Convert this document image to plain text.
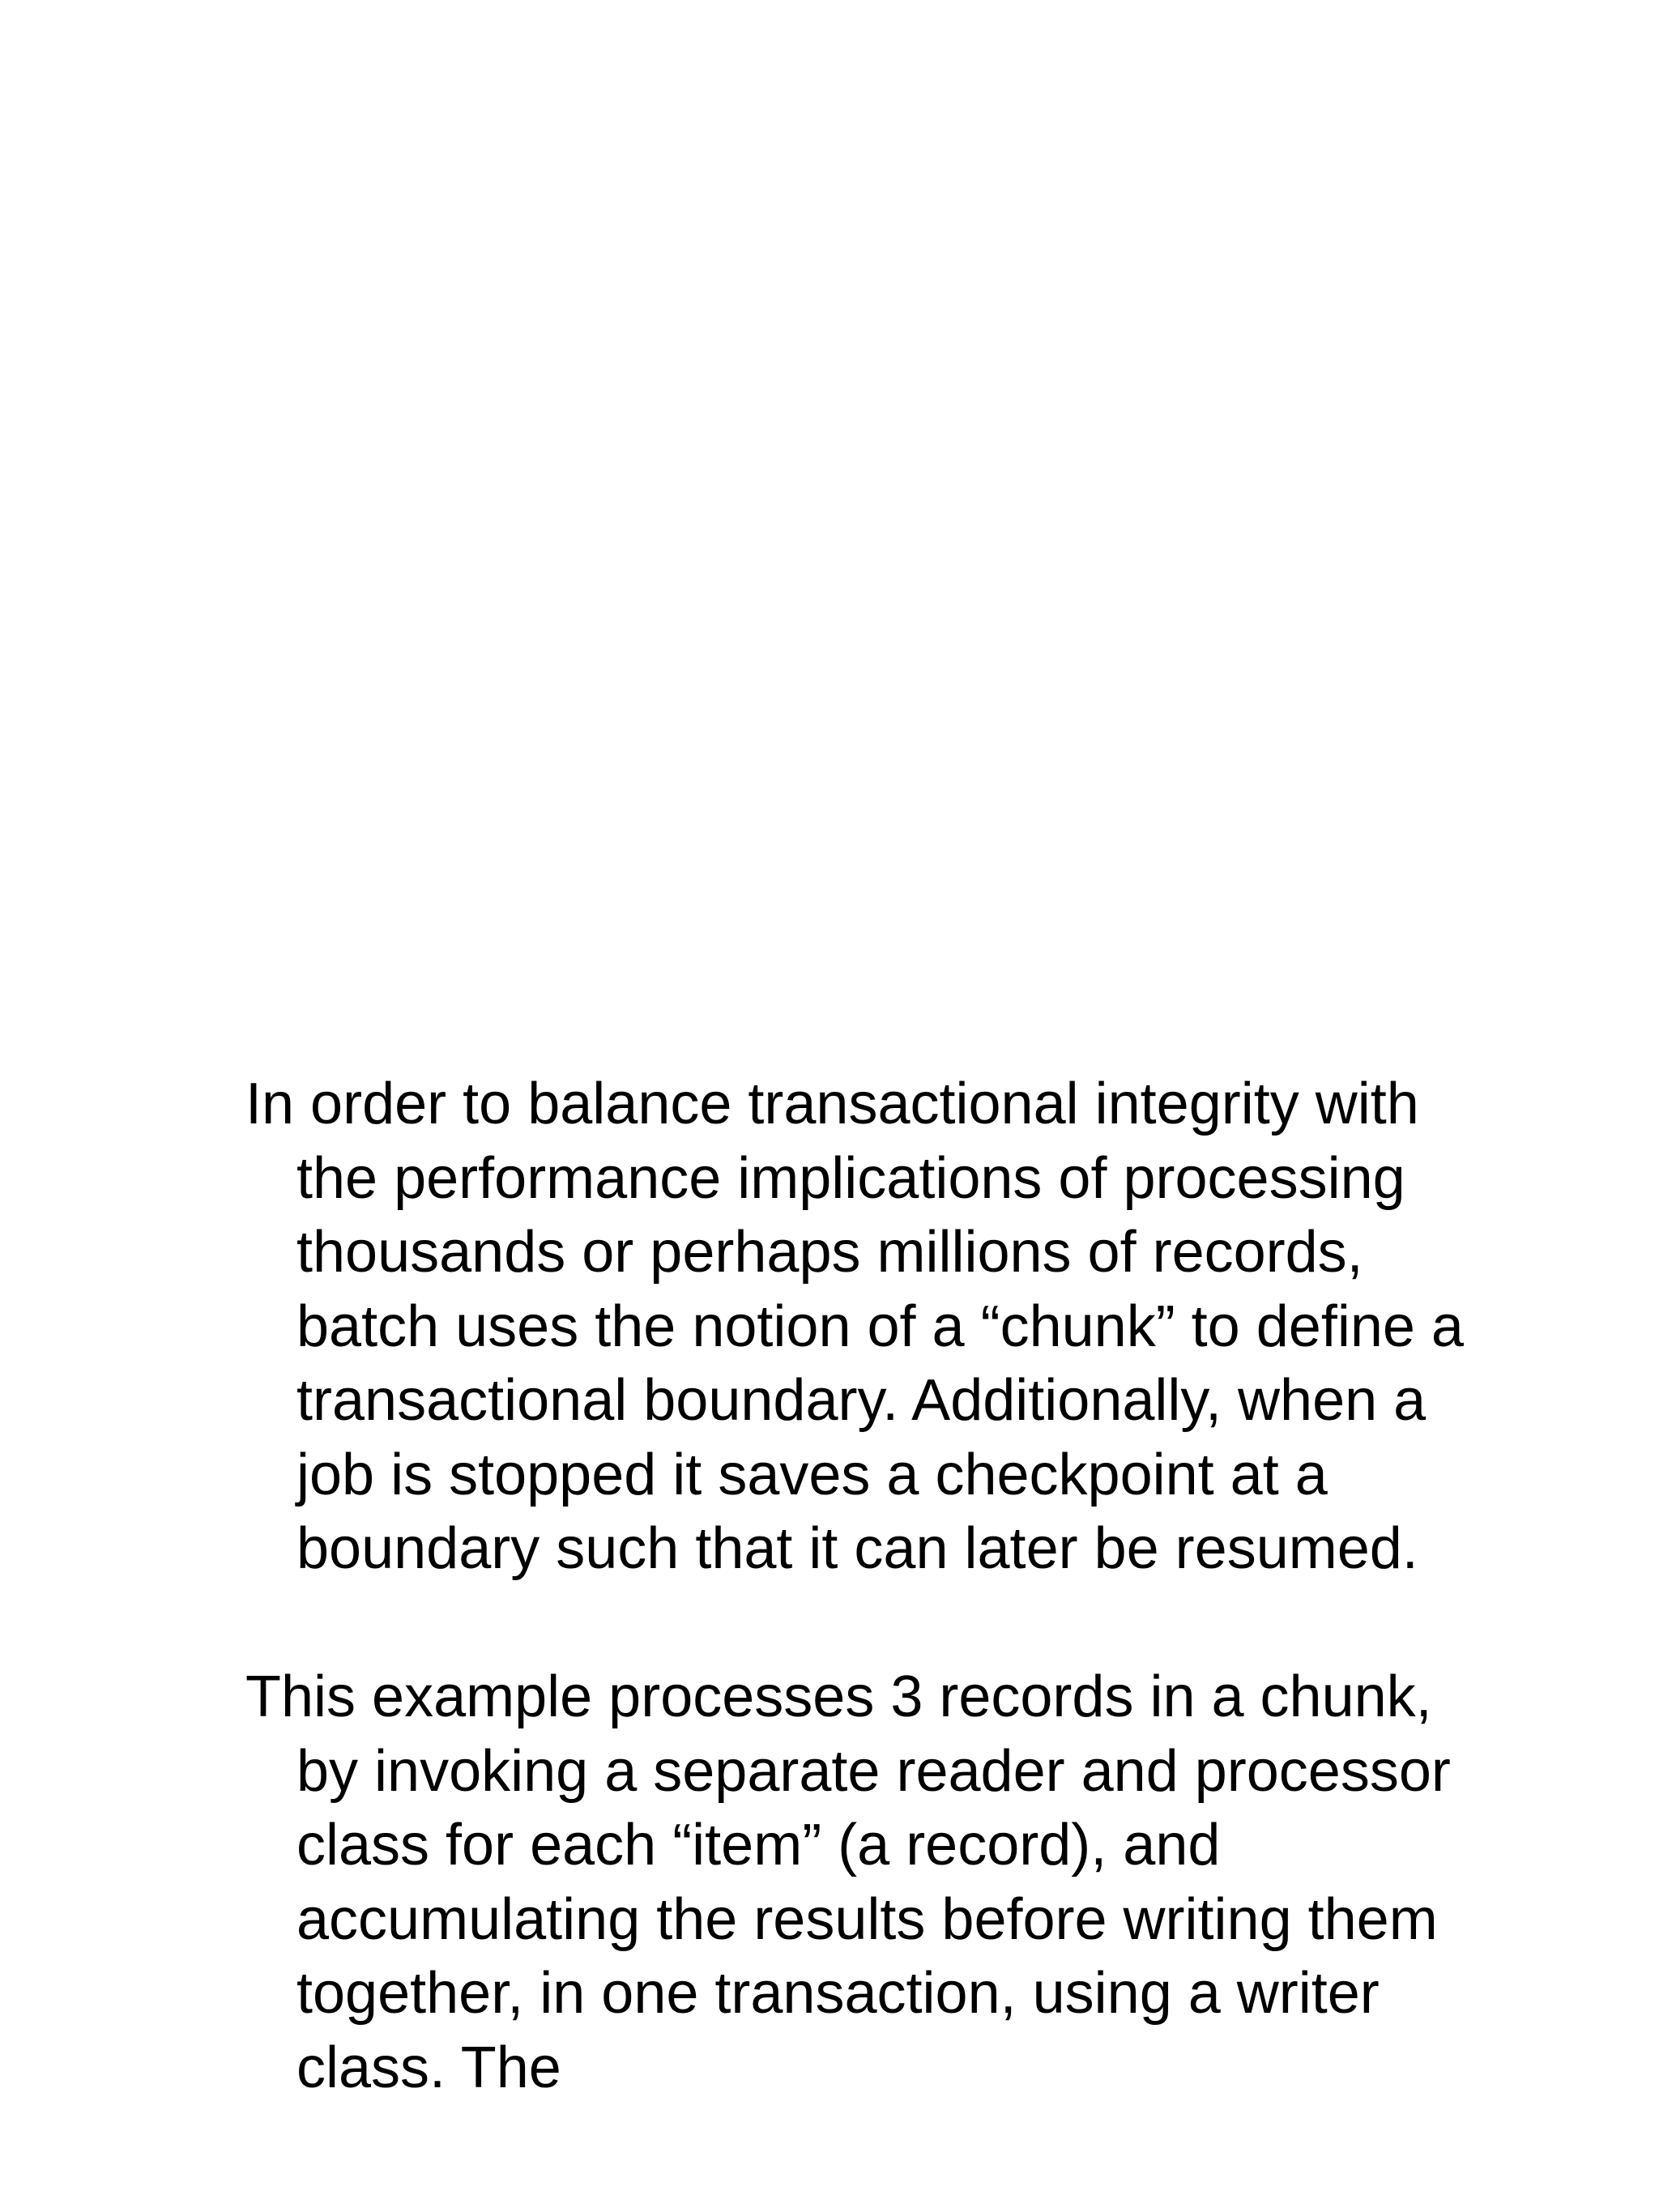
In order to balance transactional integrity with the performance implications of processing thousands or perhaps millions of records, batch uses the notion of a “chunk” to define a transactional boundary. Additionally, when a job is stopped it saves a checkpoint at a boundary such that it can later be resumed.

This example processes 3 records in a chunk, by invoking a separate reader and processor class for each “item” (a record), and accumulating the results before writing them together, in one transaction, using a writer class. The
